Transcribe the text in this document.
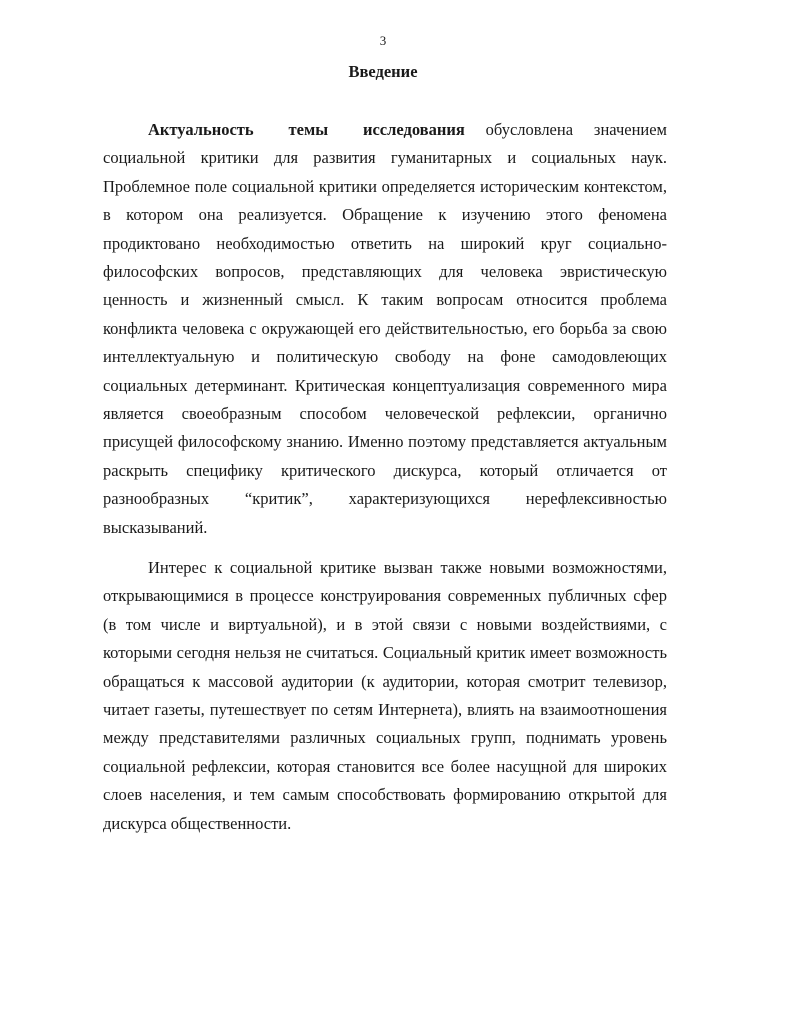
3
Введение

Актуальность темы исследования обусловлена значением социальной критики для развития гуманитарных и социальных наук. Проблемное поле социальной критики определяется историческим контекстом, в котором она реализуется. Обращение к изучению этого феномена продиктовано необходимостью ответить на широкий круг социально-философских вопросов, представляющих для человека эвристическую ценность и жизненный смысл. К таким вопросам относится проблема конфликта человека с окружающей его действительностью, его борьба за свою интеллектуальную и политическую свободу на фоне самодовлеющих социальных детерминант. Критическая концептуализация современного мира является своеобразным способом человеческой рефлексии, органично присущей философскому знанию. Именно поэтому представляется актуальным раскрыть специфику критического дискурса, который отличается от разнообразных “критик”, характеризующихся нерефлексивностью высказываний.

Интерес к социальной критике вызван также новыми возможностями, открывающимися в процессе конструирования современных публичных сфер (в том числе и виртуальной), и в этой связи с новыми воздействиями, с которыми сегодня нельзя не считаться. Социальный критик имеет возможность обращаться к массовой аудитории (к аудитории, которая смотрит телевизор, читает газеты, путешествует по сетям Интернета), влиять на взаимоотношения между представителями различных социальных групп, поднимать уровень социальной рефлексии, которая становится все более насущной для широких слоев населения, и тем самым способствовать формированию открытой для дискурса общественности.
